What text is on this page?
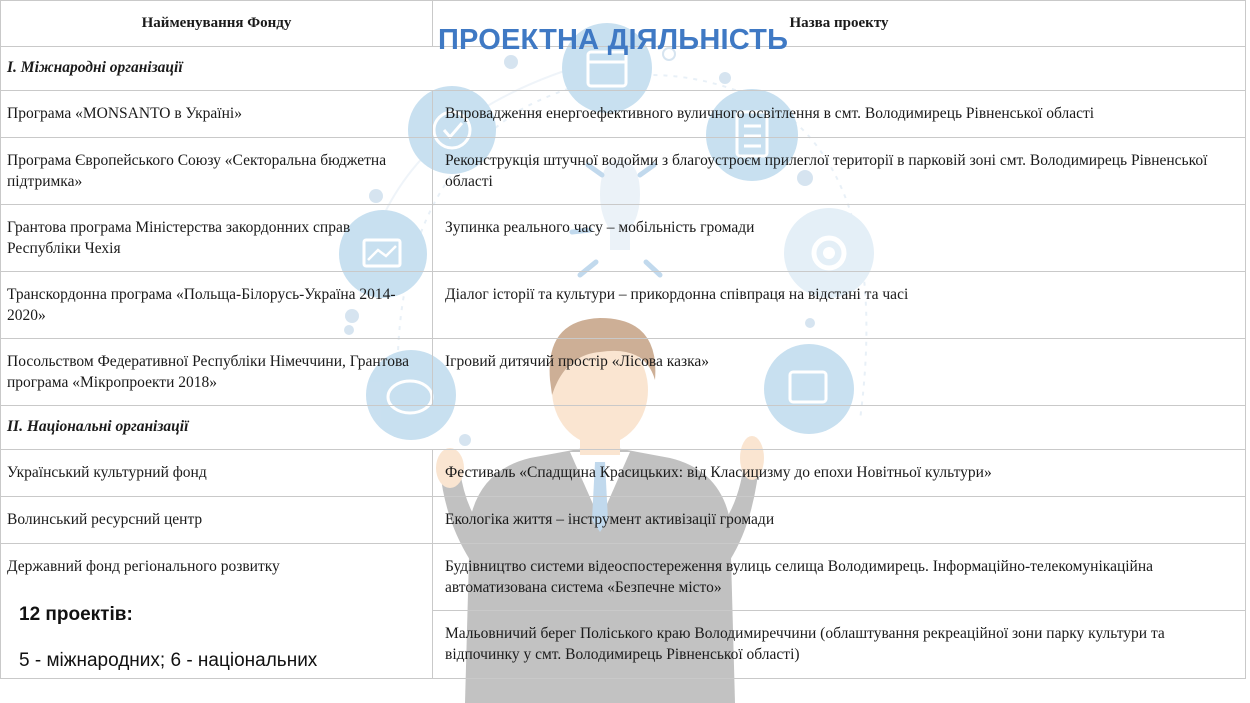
ПРОЕКТНА ДІЯЛЬНІСТЬ
Найменування Фонду	Назва проекту
І. Міжнародні організації	
Програма «MONSANTO в Україні»	Впровадження енергоефективного вуличного освітлення в смт. Володимирець Рівненської області
Програма Європейського Союзу «Секторальна бюджетна підтримка»	Реконструкція штучної водойми з благоустроєм прилеглої території в парковій зоні смт. Володимирець Рівненської області
Грантова програма Міністерства закордонних справ Республіки Чехія	Зупинка реального часу – мобільність громади
Транскордонна програма «Польща-Білорусь-Україна 2014-2020»	Діалог історії та культури – прикордонна співпраця на відстані та часі
Посольством Федеративної Республіки Німеччини, Грантова програма «Мікропроекти 2018»	Ігровий дитячий простір «Лісова казка»
ІІ. Національні організації	
Український культурний фонд	Фестиваль «Спадщина Красицьких: від Класицизму до епохи Новітньої культури»
Волинський ресурсний центр	Екологіка життя – інструмент активізації громади
Державний фонд регіонального розвитку	Будівництво системи відеоспостереження вулиць селища Володимирець. Інформаційно-телекомунікаційна автоматизована система «Безпечне місто»
	Мальовничий берег Поліського краю Володимиреччини (облаштування рекреаційної зони парку культури та відпочинку у смт. Володимирець Рівненської області)
12 проектів:
5 - міжнародних; 6 - національних
